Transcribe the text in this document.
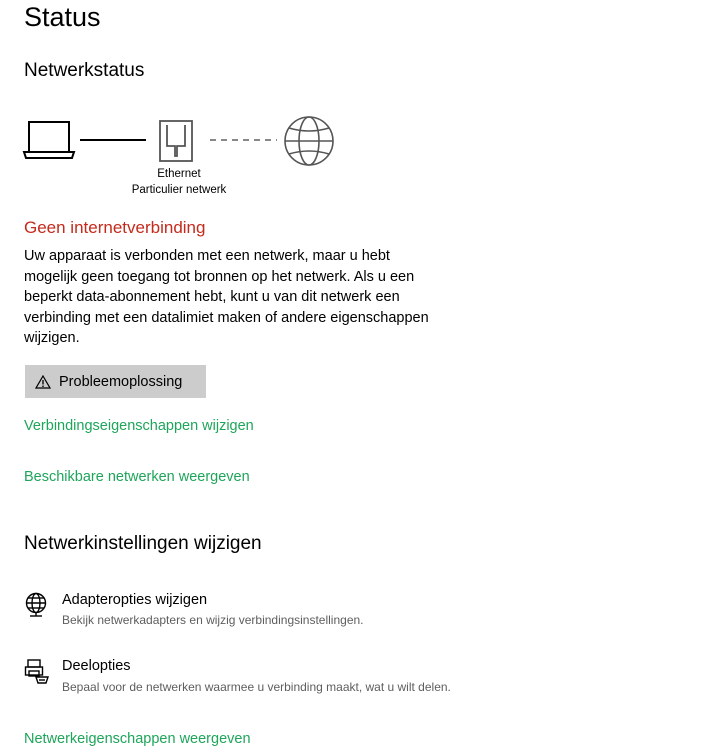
Status
Netwerkstatus
Ethernet
Particulier netwerk
Geen internetverbinding
Uw apparaat is verbonden met een netwerk, maar u hebt mogelijk geen toegang tot bronnen op het netwerk. Als u een beperkt data-abonnement hebt, kunt u van dit netwerk een verbinding met een datalimiet maken of andere eigenschappen wijzigen.
Probleemoplossing
Verbindingseigenschappen wijzigen
Beschikbare netwerken weergeven
Netwerkinstellingen wijzigen
Adapteropties wijzigen
Bekijk netwerkadapters en wijzig verbindingsinstellingen.
Deelopties
Bepaal voor de netwerken waarmee u verbinding maakt, wat u wilt delen.
Netwerkeigenschappen weergeven
